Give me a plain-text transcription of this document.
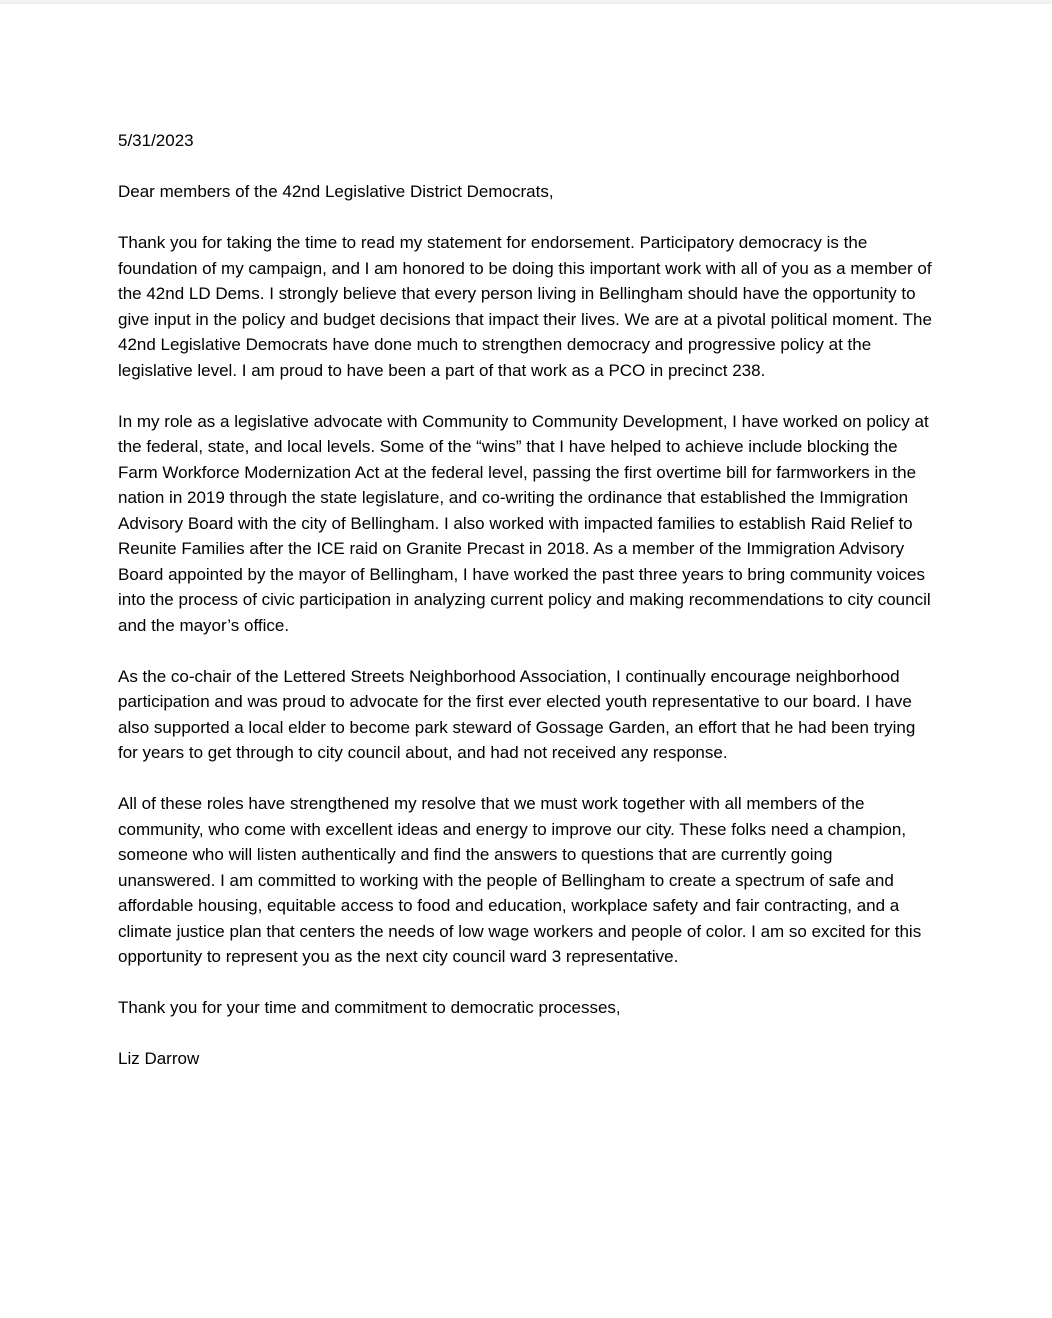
5/31/2023

Dear members of the 42nd Legislative District Democrats,

Thank you for taking the time to read my statement for endorsement. Participatory democracy is the foundation of my campaign, and I am honored to be doing this important work with all of you as a member of the 42nd LD Dems. I strongly believe that every person living in Bellingham should have the opportunity to give input in the policy and budget decisions that impact their lives. We are at a pivotal political moment. The 42nd Legislative Democrats have done much to strengthen democracy and progressive policy at the legislative level. I am proud to have been a part of that work as a PCO in precinct 238.

In my role as a legislative advocate with Community to Community Development, I have worked on policy at the federal, state, and local levels. Some of the “wins” that I have helped to achieve include blocking the Farm Workforce Modernization Act at the federal level, passing the first overtime bill for farmworkers in the nation in 2019 through the state legislature, and co-writing the ordinance that established the Immigration Advisory Board with the city of Bellingham. I also worked with impacted families to establish Raid Relief to Reunite Families after the ICE raid on Granite Precast in 2018. As a member of the Immigration Advisory Board appointed by the mayor of Bellingham, I have worked the past three years to bring community voices into the process of civic participation in analyzing current policy and making recommendations to city council and the mayor’s office.

As the co-chair of the Lettered Streets Neighborhood Association, I continually encourage neighborhood participation and was proud to advocate for the first ever elected youth representative to our board. I have also supported a local elder to become park steward of Gossage Garden, an effort that he had been trying for years to get through to city council about, and had not received any response.

All of these roles have strengthened my resolve that we must work together with all members of the community, who come with excellent ideas and energy to improve our city. These folks need a champion, someone who will listen authentically and find the answers to questions that are currently going unanswered. I am committed to working with the people of Bellingham to create a spectrum of safe and affordable housing, equitable access to food and education, workplace safety and fair contracting, and a climate justice plan that centers the needs of low wage workers and people of color. I am so excited for this opportunity to represent you as the next city council ward 3 representative.

Thank you for your time and commitment to democratic processes,

Liz Darrow
